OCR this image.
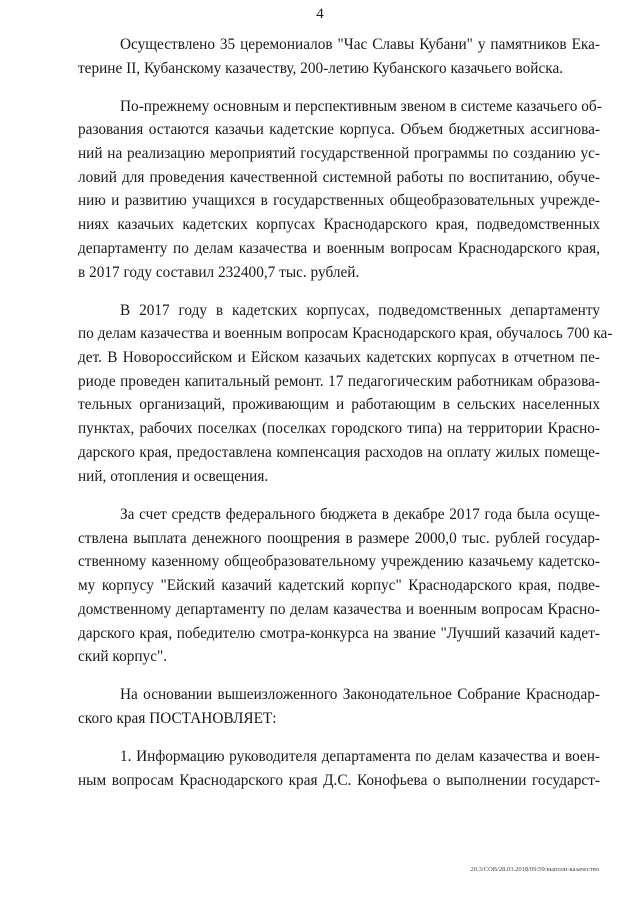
4
Осуществлено 35 церемониалов "Час Славы Кубани" у памятников Ека-
терине II, Кубанскому казачеству, 200-летию Кубанского казачьего войска.
По-прежнему основным и перспективным звеном в системе казачьего об-
разования остаются казачьи кадетские корпуса. Объем бюджетных ассигнова-
ний на реализацию мероприятий государственной программы по созданию ус-
ловий для проведения качественной системной работы по воспитанию, обуче-
нию и развитию учащихся в государственных общеобразовательных учрежде-
ниях казачьих кадетских корпусах Краснодарского края, подведомственных
департаменту по делам казачества и военным вопросам Краснодарского края,
в 2017 году составил 232400,7 тыс. рублей.
В 2017 году в кадетских корпусах, подведомственных департаменту
по делам казачества и военным вопросам Краснодарского края, обучалось 700 ка-
дет. В Новороссийском и Ейском казачьих кадетских корпусах в отчетном пе-
риоде проведен капитальный ремонт. 17 педагогическим работникам образова-
тельных организаций, проживающим и работающим в сельских населенных
пунктах, рабочих поселках (поселках городского типа) на территории Красно-
дарского края, предоставлена компенсация расходов на оплату жилых помеще-
ний, отопления и освещения.
За счет средств федерального бюджета в декабре 2017 года была осуще-
ствлена выплата денежного поощрения в размере 2000,0 тыс. рублей государ-
ственному казенному общеобразовательному учреждению казачьему кадетско-
му корпусу "Ейский казачий кадетский корпус" Краснодарского края, подве-
домственному департаменту по делам казачества и военным вопросам Красно-
дарского края, победителю смотра-конкурса на звание "Лучший казачий кадет-
ский корпус".
На основании вышеизложенного Законодательное Собрание Краснодар-
ского края ПОСТАНОВЛЯЕТ:
1. Информацию руководителя департамента по делам казачества и воен-
ным вопросам Краснодарского края Д.С. Конофьева о выполнении государст-
20.3/СОВ/28.03.2018/09:59/выполн-казачество
